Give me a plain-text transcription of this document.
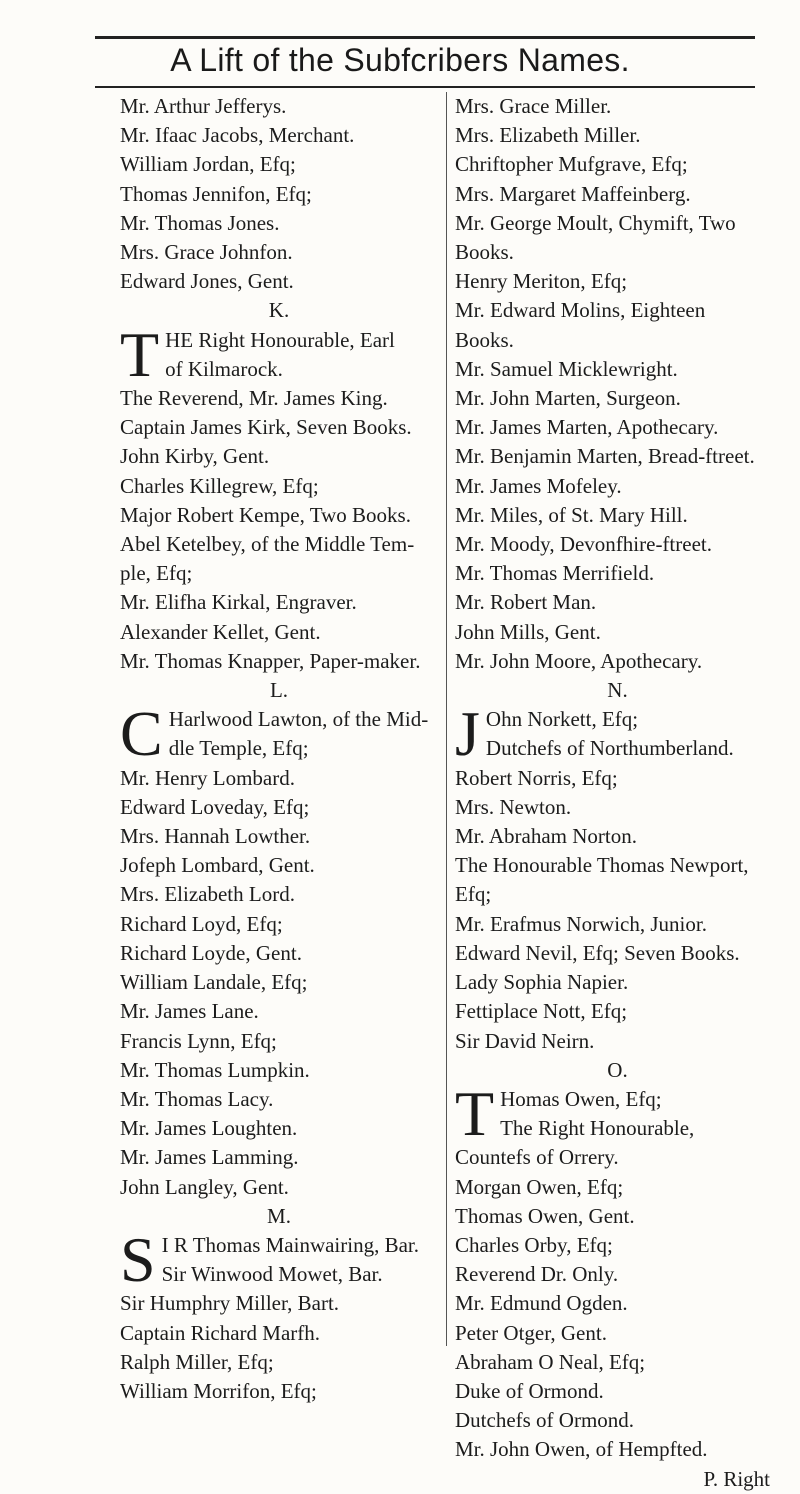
A Lift of the Subfcribers Names.

Mr. Arthur Jefferys.

Mr. Ifaac Jacobs, Merchant.

William Jordan, Efq;

Thomas Jennifon, Efq;

Mr. Thomas Jones.

Mrs. Grace Johnfon.

Edward Jones, Gent.

K.

T HE Right Honourable, Earl
of Kilmarock.

The Reverend, Mr. James King.

Captain James Kirk, Seven Books.

John Kirby, Gent.

Charles Killegrew, Efq;

Major Robert Kempe, Two Books.

Abel Ketelbey, of the Middle Tem-

ple, Efq;

Mr. Elifha Kirkal, Engraver.

Alexander Kellet, Gent.

Mr. Thomas Knapper, Paper-maker.

L.

C Harlwood Lawton, of the Mid-
dle Temple, Efq;

Mr. Henry Lombard.

Edward Loveday, Efq;

Mrs. Hannah Lowther.

Jofeph Lombard, Gent.

Mrs. Elizabeth Lord.

Richard Loyd, Efq;

Richard Loyde, Gent.

William Landale, Efq;

Mr. James Lane.

Francis Lynn, Efq;

Mr. Thomas Lumpkin.

Mr. Thomas Lacy.

Mr. James Loughten.

Mr. James Lamming.

John Langley, Gent.

M.

S I R Thomas Mainwairing, Bar.
Sir Winwood Mowet, Bar.

Sir Humphry Miller, Bart.

Captain Richard Marfh.

Ralph Miller, Efq;

William Morrifon, Efq;

Mrs. Grace Miller.

Mrs. Elizabeth Miller.

Chriftopher Mufgrave, Efq;

Mrs. Margaret Maffeinberg.

Mr. George Moult, Chymift, Two

Books.

Henry Meriton, Efq;

Mr. Edward Molins, Eighteen

Books.

Mr. Samuel Micklewright.

Mr. John Marten, Surgeon.

Mr. James Marten, Apothecary.

Mr. Benjamin Marten, Bread-ftreet.

Mr. James Mofeley.

Mr. Miles, of St. Mary Hill.

Mr. Moody, Devonfhire-ftreet.

Mr. Thomas Merrifield.

Mr. Robert Man.

John Mills, Gent.

Mr. John Moore, Apothecary.

N.

J Ohn Norkett, Efq;
Dutchefs of Northumberland.

Robert Norris, Efq;

Mrs. Newton.

Mr. Abraham Norton.

The Honourable Thomas Newport,

Efq;

Mr. Erafmus Norwich, Junior.

Edward Nevil, Efq; Seven Books.

Lady Sophia Napier.

Fettiplace Nott, Efq;

Sir David Neirn.

O.

T Homas Owen, Efq;
The Right Honourable,

Countefs of Orrery.

Morgan Owen, Efq;

Thomas Owen, Gent.

Charles Orby, Efq;

Reverend Dr. Only.

Mr. Edmund Ogden.

Peter Otger, Gent.

Abraham O Neal, Efq;

Duke of Ormond.

Dutchefs of Ormond.

Mr. John Owen, of Hempfted.

P. Right
